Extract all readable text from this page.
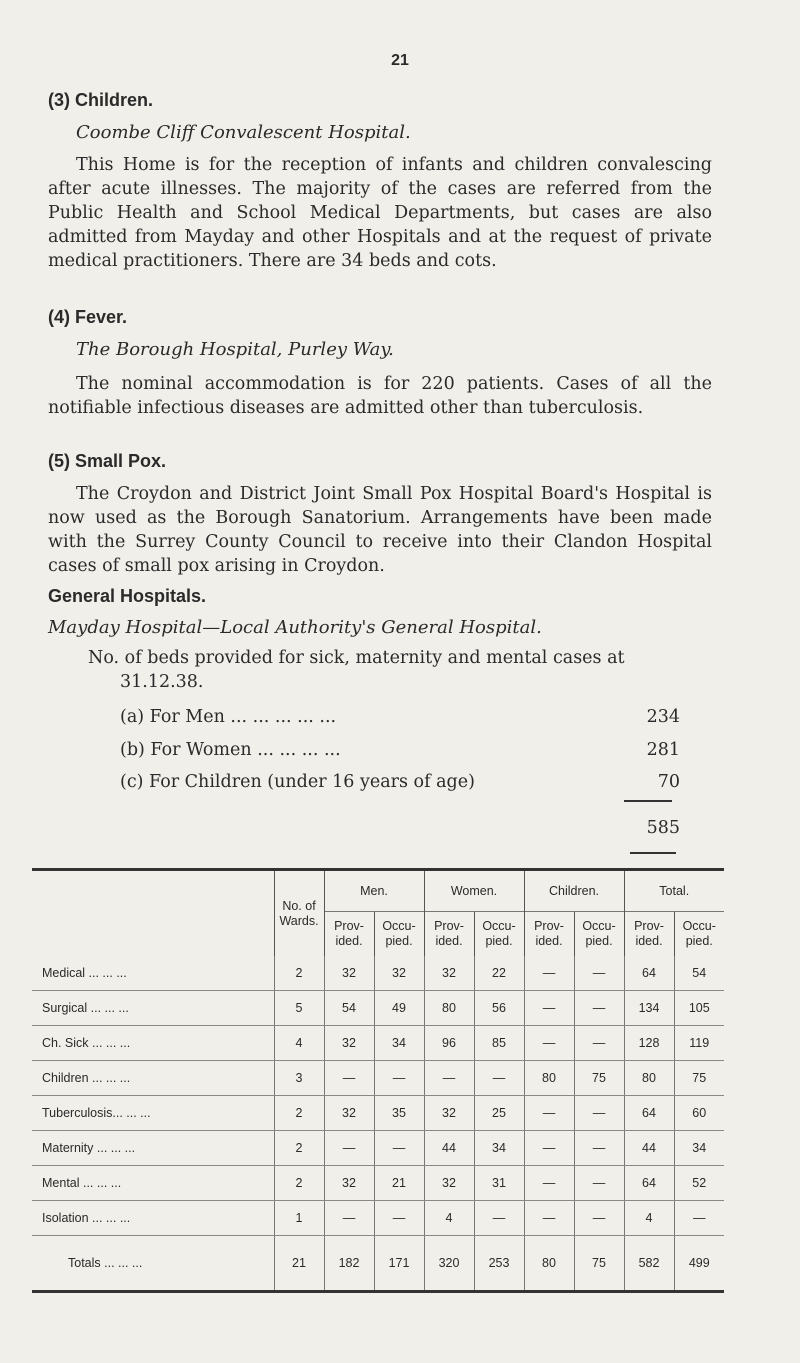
21
(3) Children.
Coombe Cliff Convalescent Hospital.
This Home is for the reception of infants and children convalescing after acute illnesses. The majority of the cases are referred from the Public Health and School Medical Departments, but cases are also admitted from Mayday and other Hospitals and at the request of private medical practitioners. There are 34 beds and cots.
(4) Fever.
The Borough Hospital, Purley Way.
The nominal accommodation is for 220 patients. Cases of all the notifiable infectious diseases are admitted other than tuberculosis.
(5) Small Pox.
The Croydon and District Joint Small Pox Hospital Board's Hospital is now used as the Borough Sanatorium. Arrangements have been made with the Surrey County Council to receive into their Clandon Hospital cases of small pox arising in Croydon.
General Hospitals.
Mayday Hospital—Local Authority's General Hospital.
No. of beds provided for sick, maternity and mental cases at
31.12.38.
(a) For Men ... ... ... ... ...	234
(b) For Women ... ... ... ...	281
(c) For Children (under 16 years of age)	70
585
	No. of Wards.	Men.		Women.		Children.		Total.	
		Prov- ided.	Occu- pied.	Prov- ided.	Occu- pied.	Prov- ided.	Occu- pied.	Prov- ided.	Occu- pied.
Medical ... ... ...	2	32	32	32	22	—	—	64	54
Surgical ... ... ...	5	54	49	80	56	—	—	134	105
Ch. Sick ... ... ...	4	32	34	96	85	—	—	128	119
Children ... ... ...	3	—	—	—	—	80	75	80	75
Tuberculosis... ... ...	2	32	35	32	25	—	—	64	60
Maternity ... ... ...	2	—	—	44	34	—	—	44	34
Mental ... ... ...	2	32	21	32	31	—	—	64	52
Isolation ... ... ...	1	—	—	4	—	—	—	4	—
Totals ... ... ...	21	182	171	320	253	80	75	582	499
